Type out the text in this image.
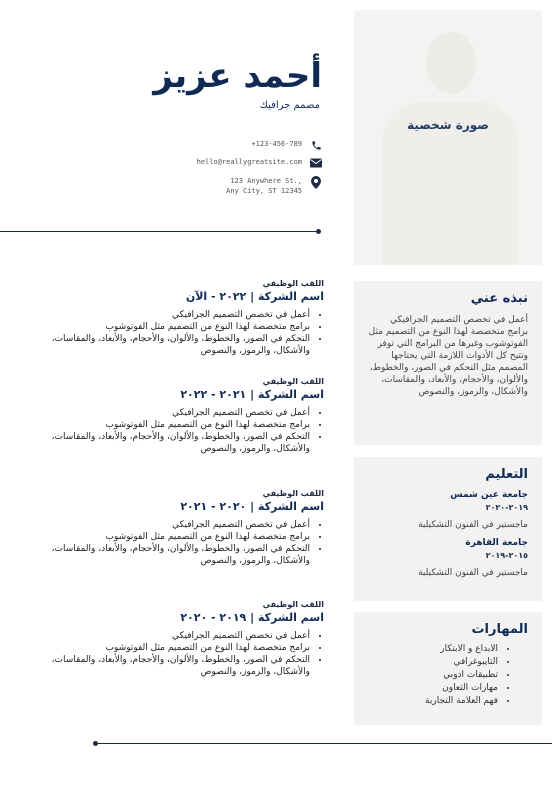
صورة شخصية
أحمد عزيز
مصمم جرافيك
+123-456-789
hello@reallygreatsite.com
123 Anywhere St.,
Any City, ST 12345
اللقب الوظيفي
اسم الشركة | ٢٠٢٢ - الآن
• أعمل في تخصص التصميم الجرافيكي
• برامج متخصصة لهذا النوع من التصميم مثل الفوتوشوب
• التحكم في الصور، والخطوط، والألوان، والأحجام، والأبعاد، والمقاسات، والأشكال، والرموز، والنصوص
اللقب الوظيفي
اسم الشركة | ٢٠٢١ - ٢٠٢٢
• أعمل في تخصص التصميم الجرافيكي
• برامج متخصصة لهذا النوع من التصميم مثل الفوتوشوب
• التحكم في الصور، والخطوط، والألوان، والأحجام، والأبعاد، والمقاسات، والأشكال، والرموز، والنصوص
اللقب الوظيفي
اسم الشركة | ٢٠٢٠ - ٢٠٢١
• أعمل في تخصص التصميم الجرافيكي
• برامج متخصصة لهذا النوع من التصميم مثل الفوتوشوب
• التحكم في الصور، والخطوط، والألوان، والأحجام، والأبعاد، والمقاسات، والأشكال، والرموز، والنصوص
اللقب الوظيفي
اسم الشركة | ٢٠١٩ - ٢٠٢٠
• أعمل في تخصص التصميم الجرافيكي
• برامج متخصصة لهذا النوع من التصميم مثل الفوتوشوب
• التحكم في الصور، والخطوط، والألوان، والأحجام، والأبعاد، والمقاسات، والأشكال، والرموز، والنصوص
نبذه عني

أعمل في تخصص التصميم الجرافيكي برامج متخصصة لهذا النوع من التصميم مثل الفوتوشوب وغيرها من البرامج التي توفر وتتيح كل الأدوات اللازمة التي يحتاجها المصمم مثل التحكم في الصور، والخطوط، والألوان، والأحجام، والأبعاد، والمقاسات، والأشكال، والرموز، والنصوص

التعليم
جامعة عين شمس
٢٠١٩-٢٠٢٠
ماجستير في الفنون التشكيلية
جامعة القاهرة
٢٠١٥-٢٠١٩
ماجستير في الفنون التشكيلية
المهارات
• الابداع و الابتكار
• التايبوغرافي
• تطبيقات ادوبي
• مهارات التعاون
• فهم العلامة التجارية
